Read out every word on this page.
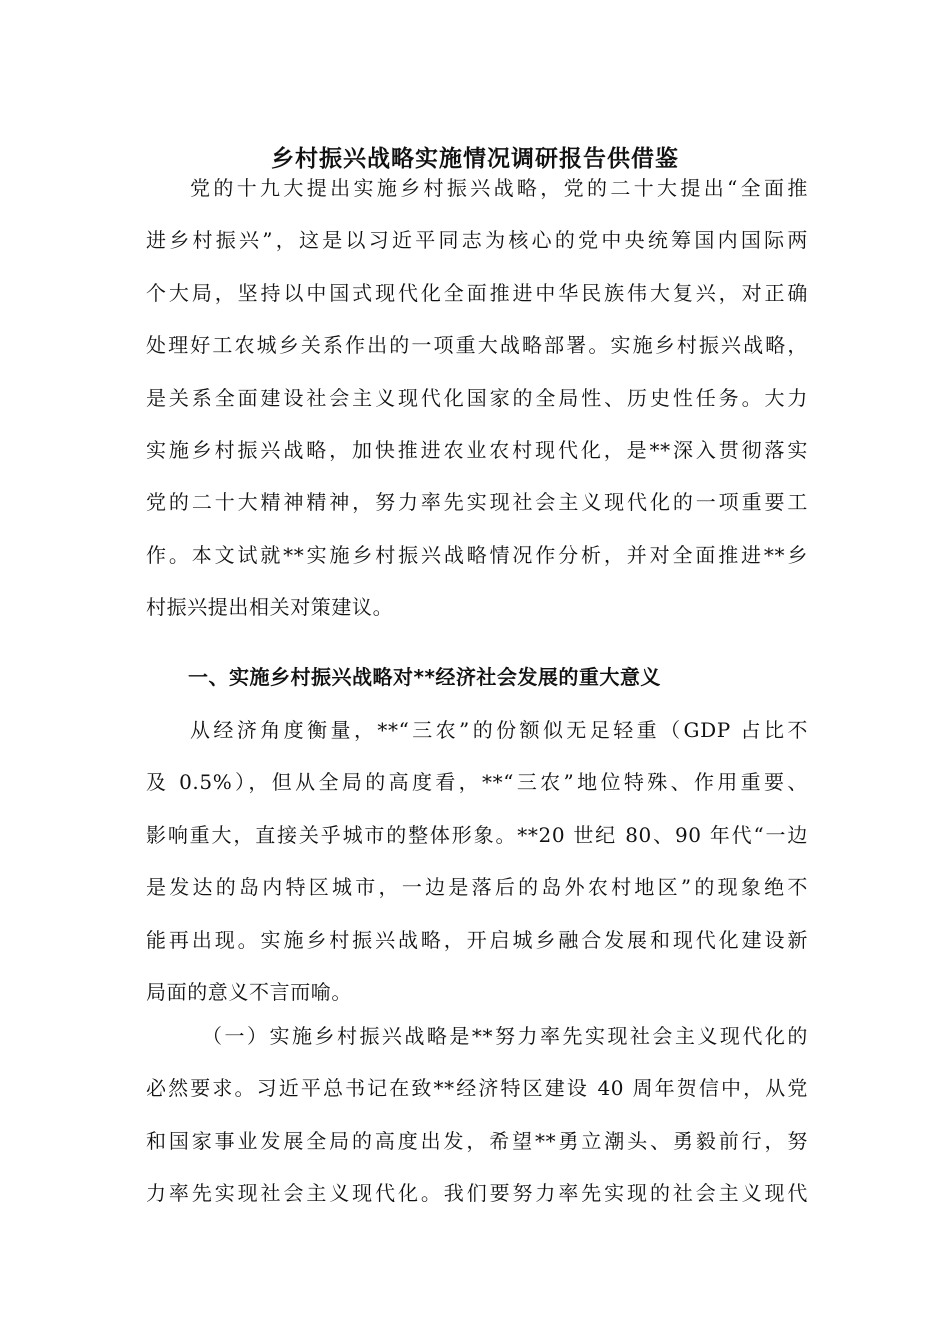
乡村振兴战略实施情况调研报告供借鉴
党的十九大提出实施乡村振兴战略，党的二十大提出“全面推
进乡村振兴”，这是以习近平同志为核心的党中央统筹国内国际两
个大局，坚持以中国式现代化全面推进中华民族伟大复兴，对正确
处理好工农城乡关系作出的一项重大战略部署。实施乡村振兴战略，
是关系全面建设社会主义现代化国家的全局性、历史性任务。大力
实施乡村振兴战略，加快推进农业农村现代化，是**深入贯彻落实
党的二十大精神精神，努力率先实现社会主义现代化的一项重要工
作。本文试就**实施乡村振兴战略情况作分析，并对全面推进**乡
村振兴提出相关对策建议。
一、实施乡村振兴战略对**经济社会发展的重大意义
从经济角度衡量，**“三农”的份额似无足轻重（GDP 占比不
及 0.5%），但从全局的高度看，**“三农”地位特殊、作用重要、
影响重大，直接关乎城市的整体形象。**20 世纪 80、90 年代“一边
是发达的岛内特区城市，一边是落后的岛外农村地区”的现象绝不
能再出现。实施乡村振兴战略，开启城乡融合发展和现代化建设新
局面的意义不言而喻。
（一）实施乡村振兴战略是**努力率先实现社会主义现代化的
必然要求。习近平总书记在致**经济特区建设 40 周年贺信中，从党
和国家事业发展全局的高度出发，希望**勇立潮头、勇毅前行，努
力率先实现社会主义现代化。我们要努力率先实现的社会主义现代
